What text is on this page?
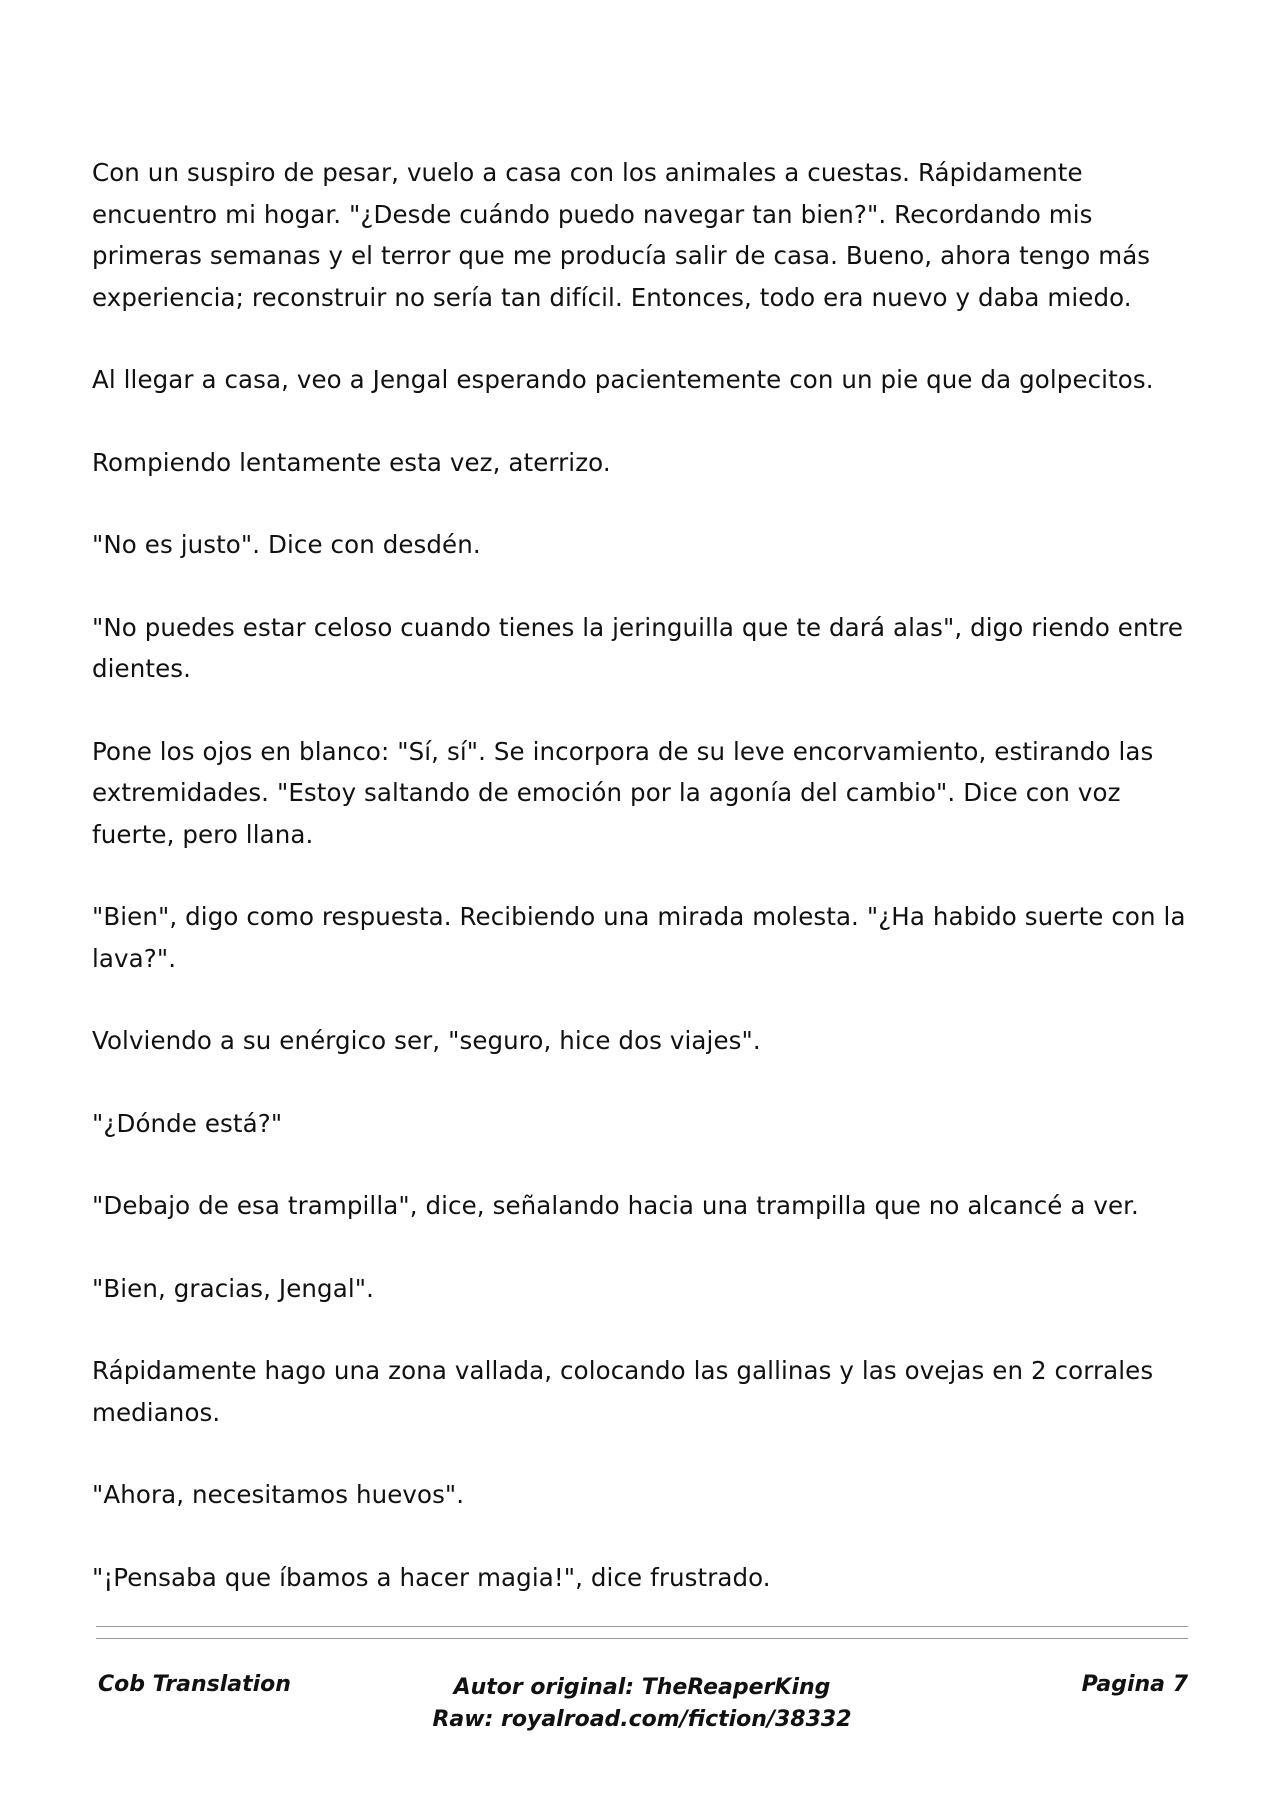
Con un suspiro de pesar, vuelo a casa con los animales a cuestas. Rápidamente encuentro mi hogar. "¿Desde cuándo puedo navegar tan bien?". Recordando mis primeras semanas y el terror que me producía salir de casa. Bueno, ahora tengo más experiencia; reconstruir no sería tan difícil. Entonces, todo era nuevo y daba miedo.

Al llegar a casa, veo a Jengal esperando pacientemente con un pie que da golpecitos.

Rompiendo lentamente esta vez, aterrizo.

"No es justo". Dice con desdén.

"No puedes estar celoso cuando tienes la jeringuilla que te dará alas", digo riendo entre dientes.

Pone los ojos en blanco: "Sí, sí". Se incorpora de su leve encorvamiento, estirando las extremidades. "Estoy saltando de emoción por la agonía del cambio". Dice con voz fuerte, pero llana.

"Bien", digo como respuesta. Recibiendo una mirada molesta. "¿Ha habido suerte con la lava?".

Volviendo a su enérgico ser, "seguro, hice dos viajes".

"¿Dónde está?"

"Debajo de esa trampilla", dice, señalando hacia una trampilla que no alcancé a ver.

"Bien, gracias, Jengal".

Rápidamente hago una zona vallada, colocando las gallinas y las ovejas en 2 corrales medianos.

"Ahora, necesitamos huevos".

"¡Pensaba que íbamos a hacer magia!", dice frustrado.

Cob Translation	Autor original: TheReaperKing
Raw: royalroad.com/fiction/38332
Pagina 7
